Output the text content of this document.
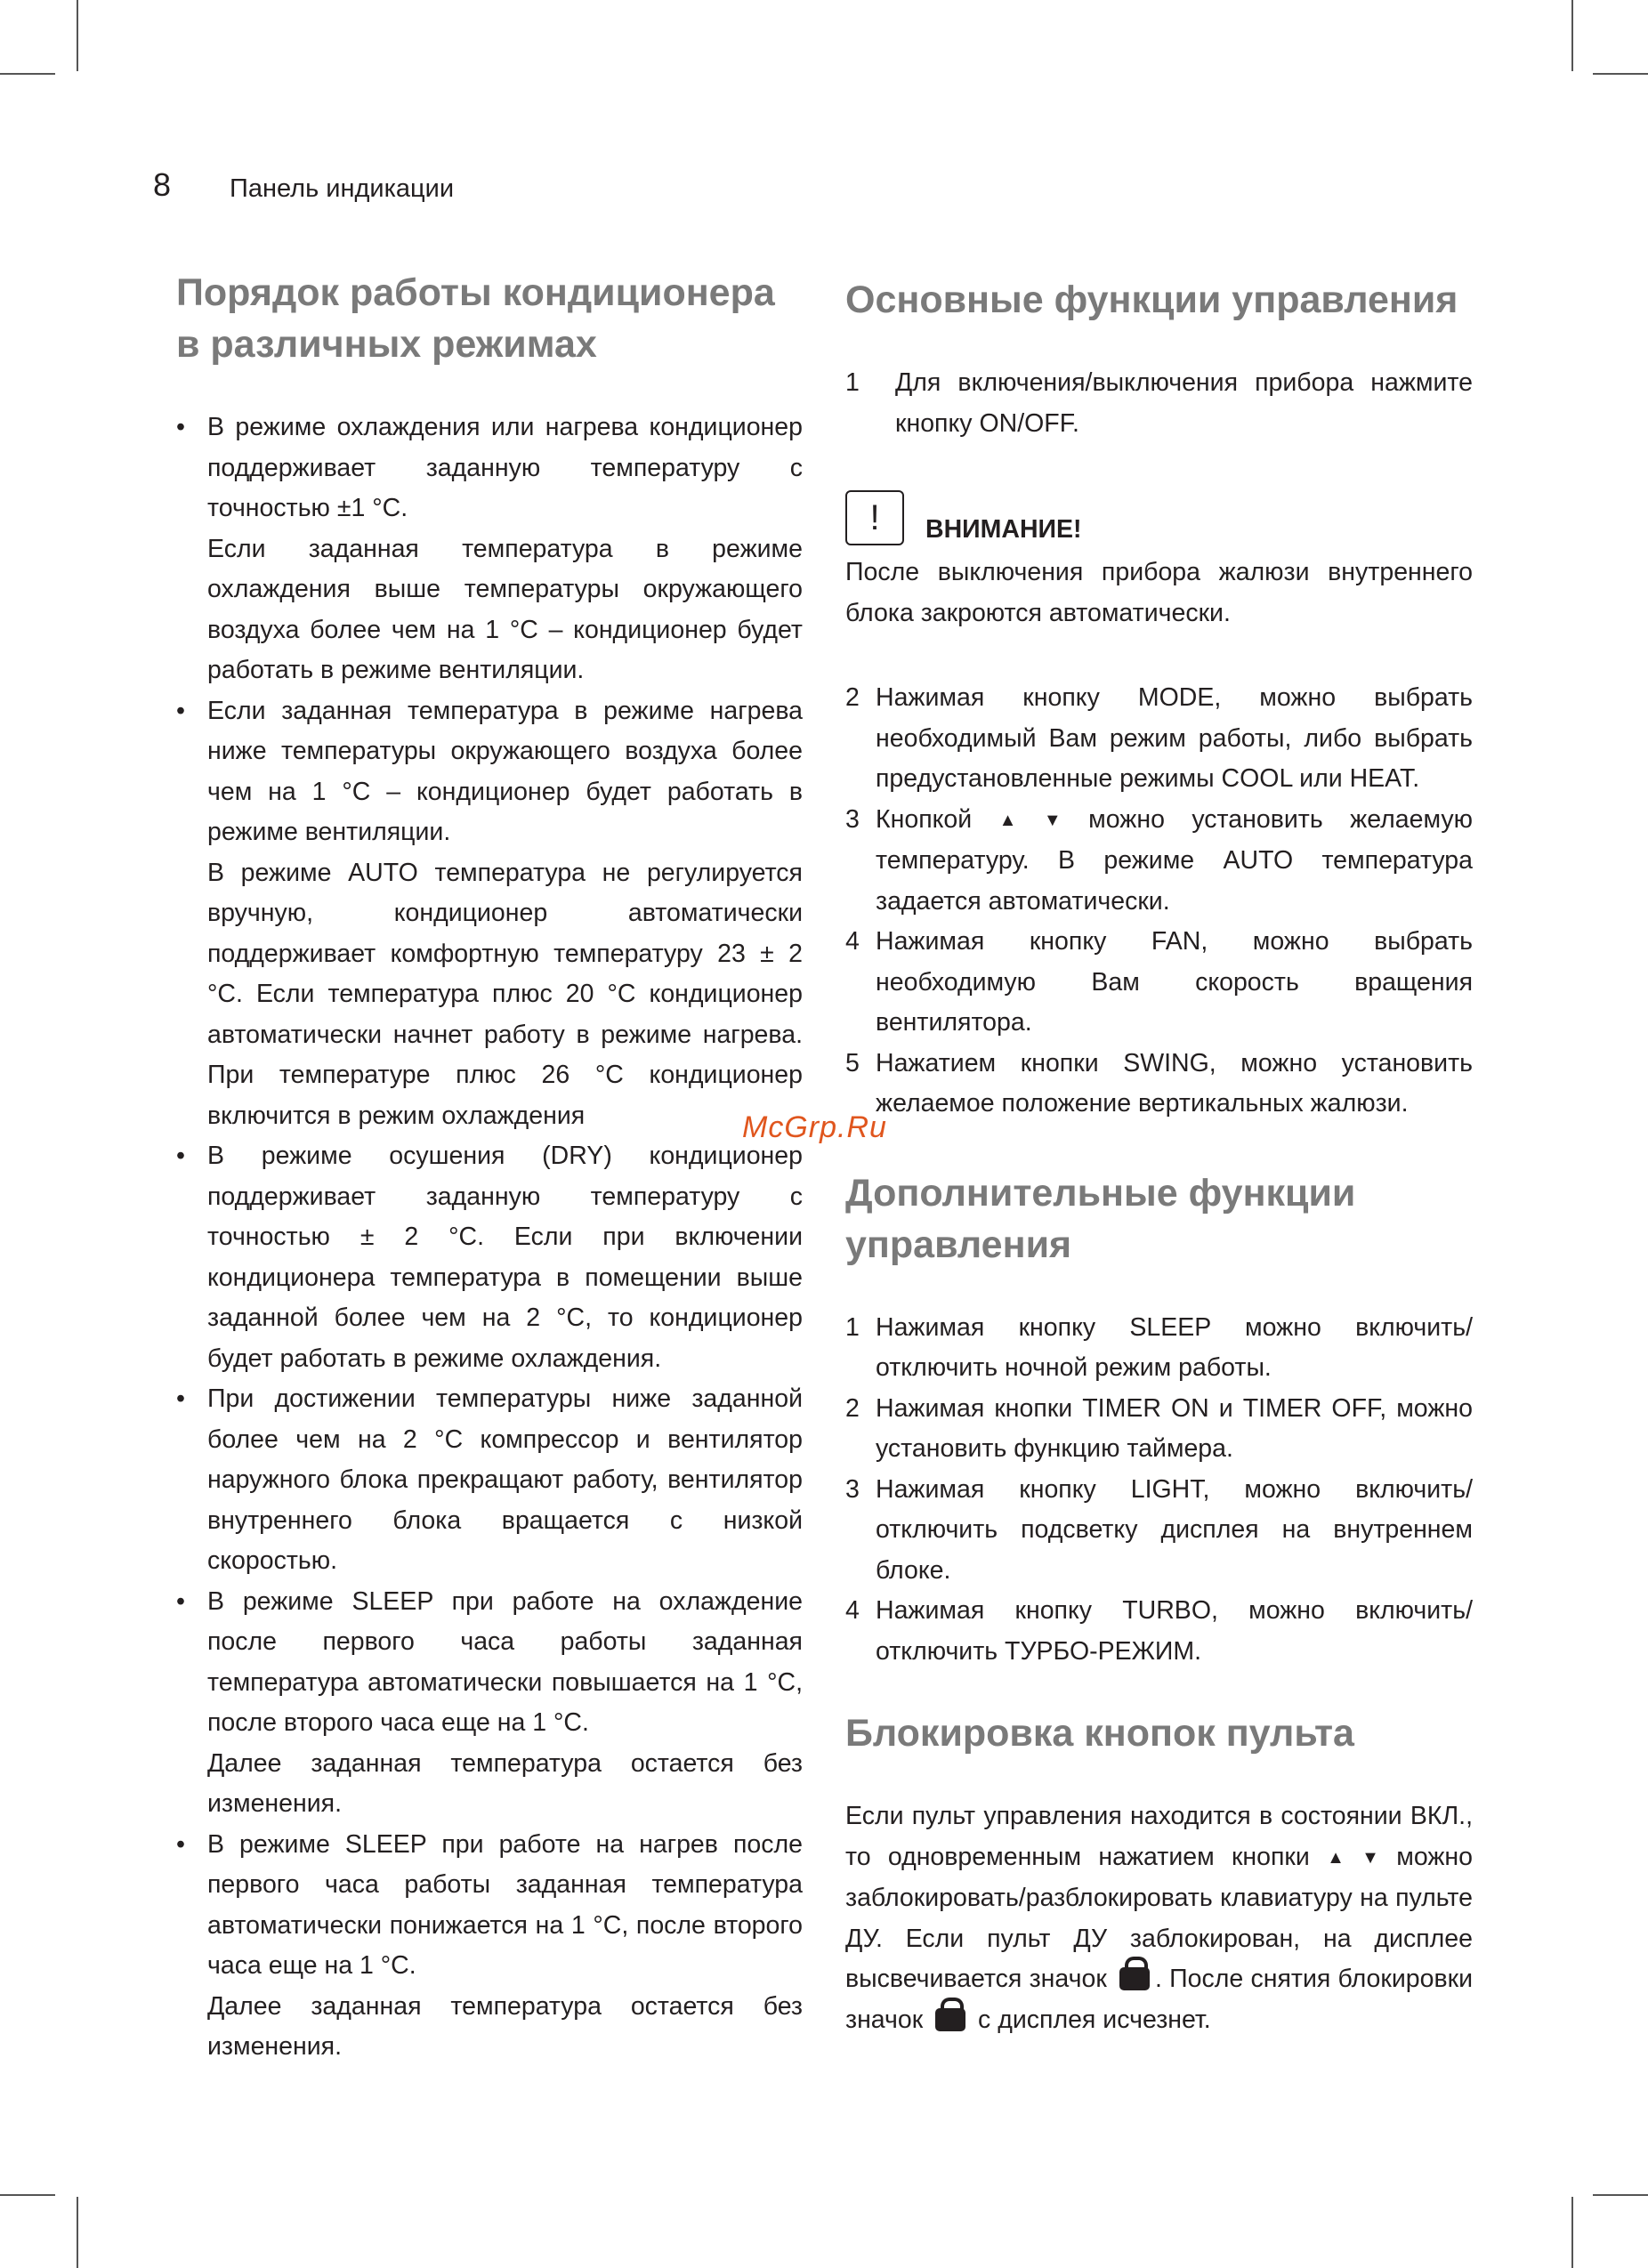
8 Панель индикации
Порядок работы кондиционера в различных режимах

• В режиме охлаждения или нагрева кондиционер поддерживает заданную температуру с точностью ±1 °C.

Если заданная температура в режиме охлаждения выше температуры окружающего воздуха более чем на 1 °C – кондиционер будет работать в режиме вентиляции.

• Если заданная температура в режиме нагрева ниже температуры окружающего воздуха более чем на 1 °C – кондиционер будет работать в режиме вентиляции.

В режиме AUTO температура не регулируется вручную, кондиционер автоматически поддерживает комфортную температуру 23 ± 2 °C. Если температура плюс 20 °C кондиционер автоматически начнет работу в режиме нагрева. При температуре плюс 26 °C кондиционер включится в режим охлаждения

• В режиме осушения (DRY) кондиционер поддерживает заданную температуру с точностью ± 2 °C. Если при включении кондиционера температура в помещении выше заданной более чем на 2 °C, то кондиционер будет работать в режиме охлаждения.

• При достижении температуры ниже заданной более чем на 2 °C компрессор и вентилятор наружного блока прекращают работу, вентилятор внутреннего блока вращается с низкой скоростью.

• В режиме SLEEP при работе на охлаждение после первого часа работы заданная температура автоматически повышается на 1 °C, после второго часа еще на 1 °C.

Далее заданная температура остается без изменения.

• В режиме SLEEP при работе на нагрев после первого часа работы заданная температура автоматически понижается на 1 °C, после второго часа еще на 1 °C.

Далее заданная температура остается без изменения.

Основные функции управления
1 Для включения/выключения прибора нажмите кнопку ON/OFF.
! ВНИМАНИЕ!

После выключения прибора жалюзи внутреннего блока закроются автоматически.

2 Нажимая кнопку MODE, можно выбрать необходимый Вам режим работы, либо выбрать предустановленные режимы COOL или HEAT.
3 Кнопкой ▲ ▼ можно установить желаемую температуру. В режиме AUTO температура задается автоматически.
4 Нажимая кнопку FAN, можно выбрать необходимую Вам скорость вращения вентилятора.
5 Нажатием кнопки SWING, можно установить желаемое положение вертикальных жалюзи.
Дополнительные функции управления
1 Нажимая кнопку SLEEP можно включить/отключить ночной режим работы.
2 Нажимая кнопки TIMER ON и TIMER OFF, можно установить функцию таймера.
3 Нажимая кнопку LIGHT, можно включить/отключить подсветку дисплея на внутреннем блоке.
4 Нажимая кнопку TURBO, можно включить/отключить ТУРБО-РЕЖИМ.
Блокировка кнопок пульта

Если пульт управления находится в состоянии ВКЛ., то одновременным нажатием кнопки ▲ ▼ можно заблокировать/разблокировать клавиатуру на пульте ДУ. Если пульт ДУ заблокирован, на дисплее высвечивается значок . После снятия блокировки значок с дисплея исчезнет.

McGrp.Ru
